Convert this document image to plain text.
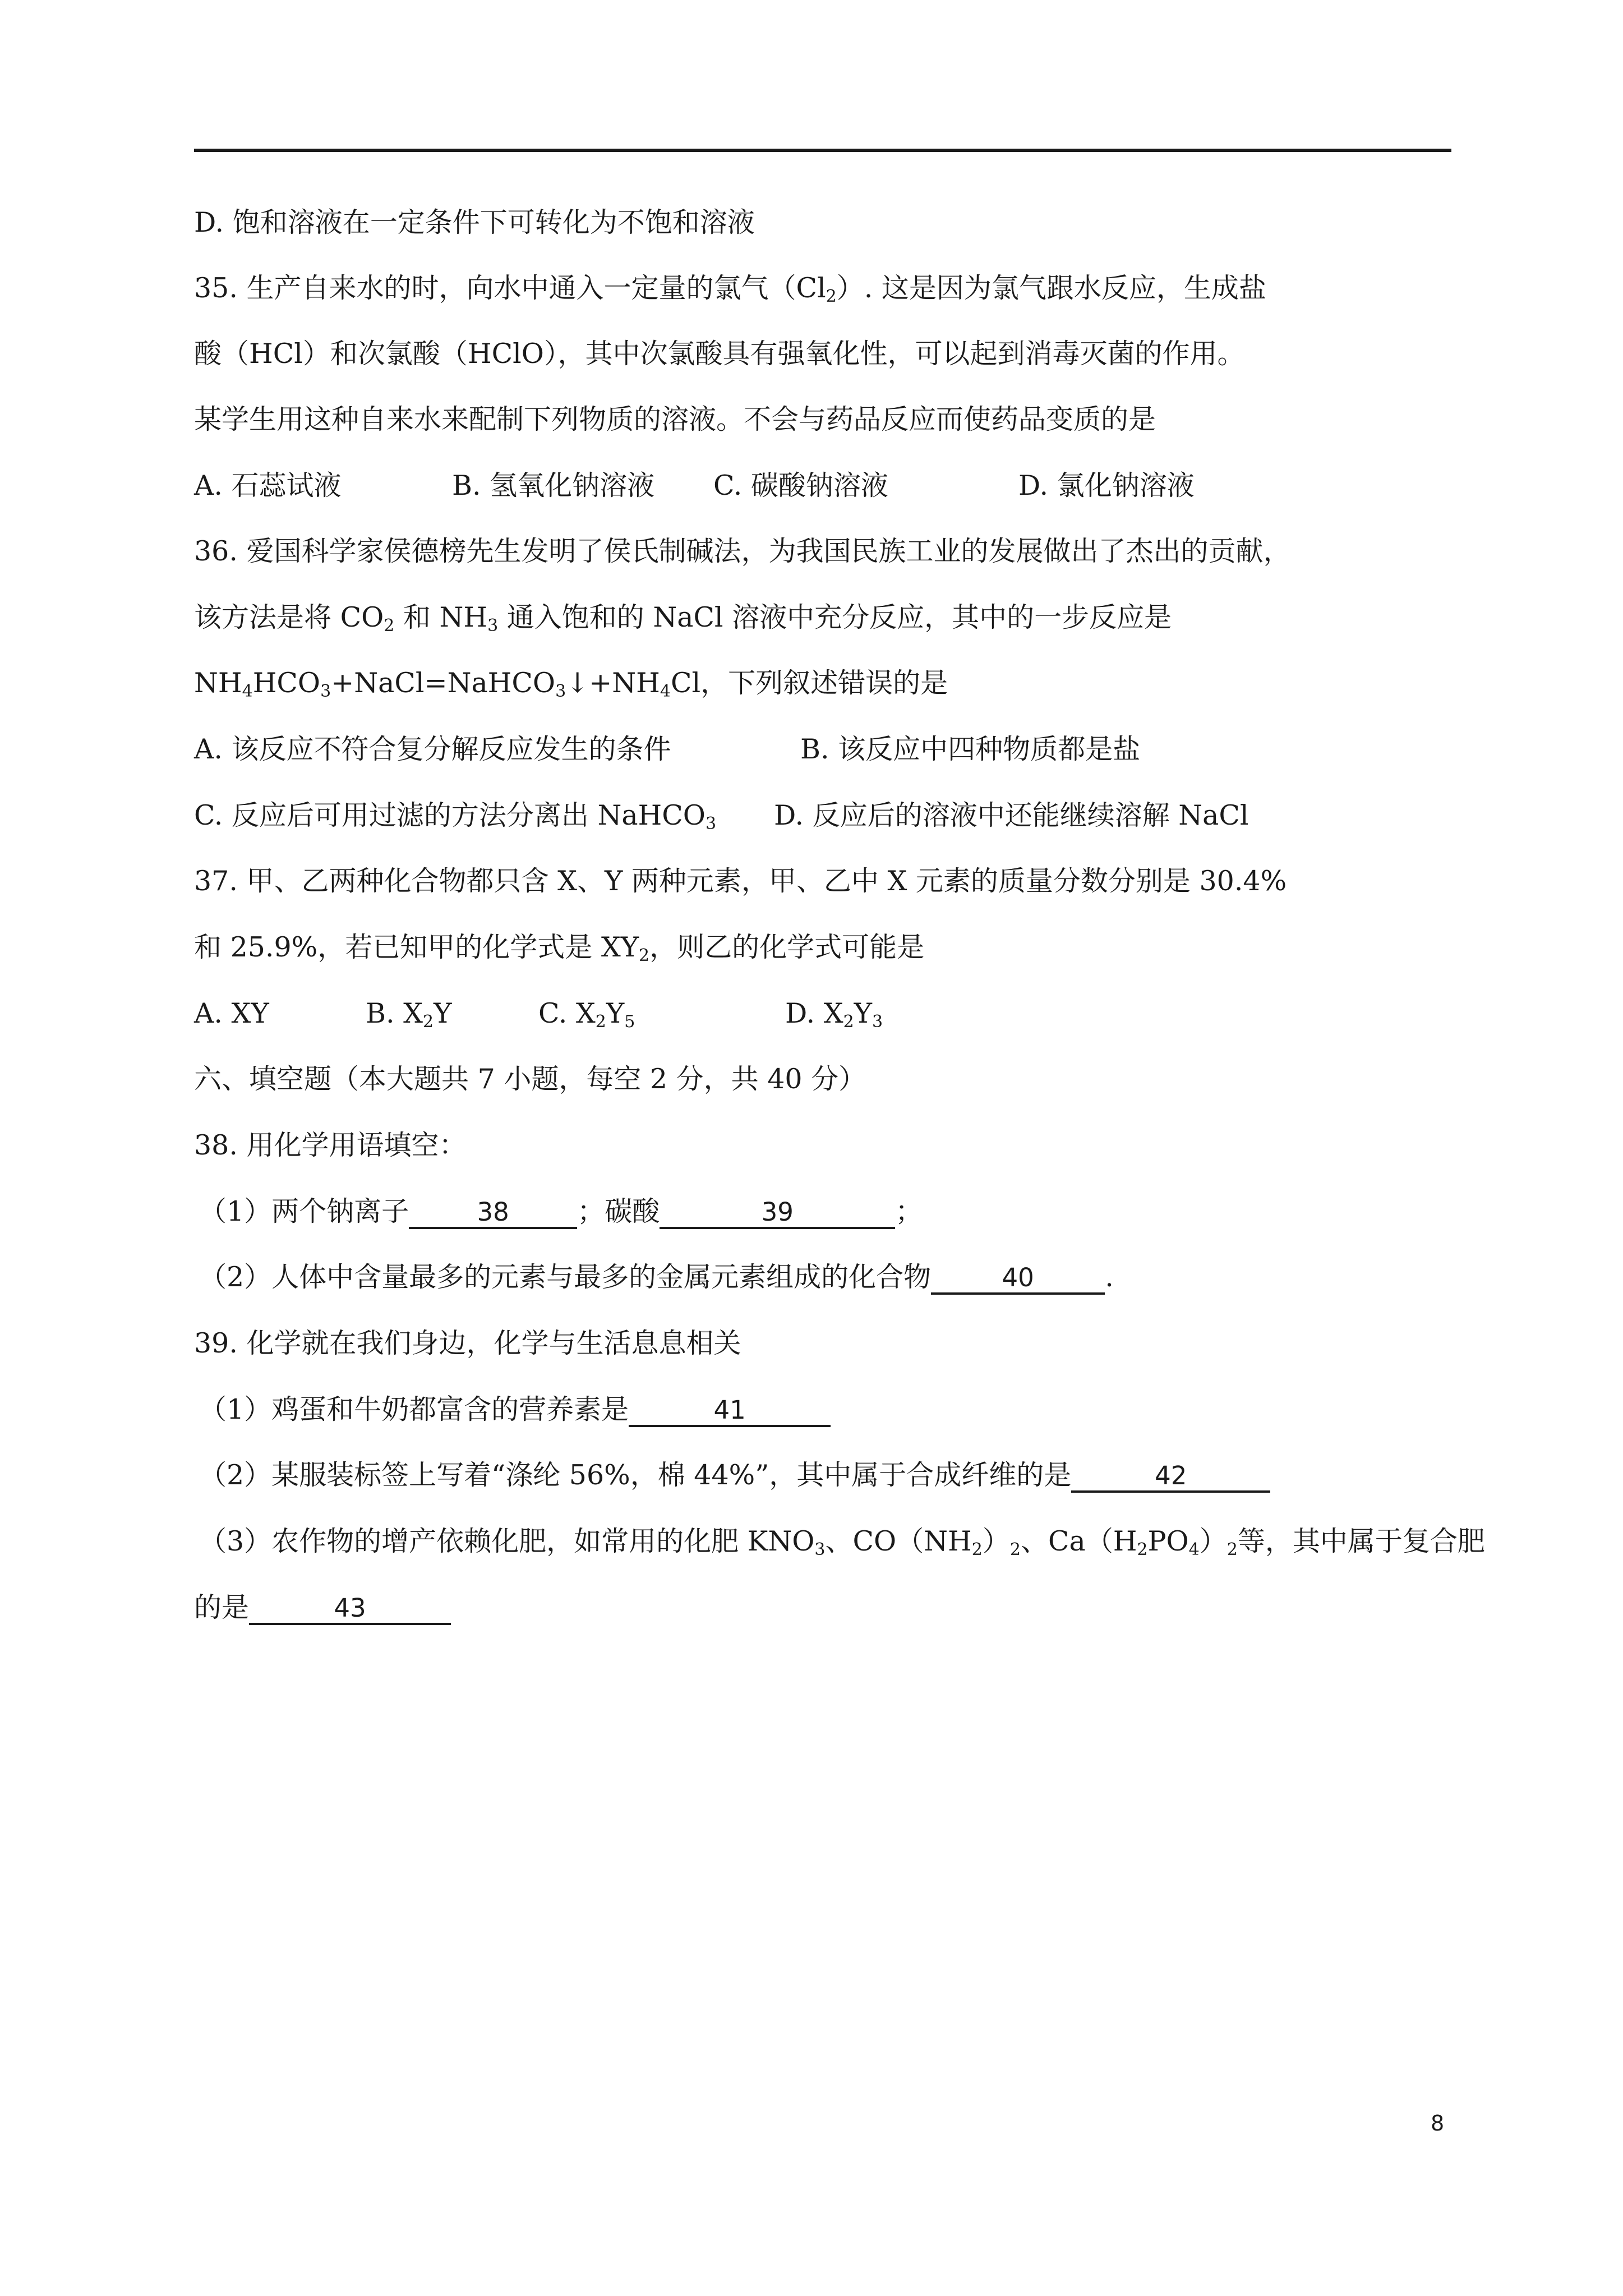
D. 饱和溶液在一定条件下可转化为不饱和溶液
35. 生产自来水的时，向水中通入一定量的氯气$(Cl_2)$. 这是因为氯气跟水反应，生成盐
酸（HCl）和次氯酸（HClO），其中次氯酸具有强氧化性，可以起到消毒灭菌的作用。
某学生用这种自来水来配制下列物质的溶液。不会与药品反应而使药品变质的是
A. 石蕊试液	B. 氢氧化钠溶液 C. 碳酸钠溶液	D. 氯化钠溶液
36. 爱国科学家侯德榜先生发明了侯氏制碱法，为我国民族工业的发展做出了杰出的贡献，
该方法是将 $CO_2$ 和 $NH_3$ 通入饱和的 NaCl 溶液中充分反应，其中的一步反应是
$NH_4HCO_3+NaCl=NaHCO_3↓+NH_4Cl$，下列叙述错误的是
A. 该反应不符合复分解反应发生的条件	B. 该反应中四种物质都是盐
C. 反应后可用过滤的方法分离出 NaHCO$_3$ D. 反应后的溶液中还能继续溶解 NaCl
37. 甲、乙两种化合物都只含 X、Y 两种元素，甲、乙中 X 元素的质量分数分别是 30.4%
和 25.9%，若已知甲的化学式是 $XY_2$，则乙的化学式可能是
A. XY	B. $X_2Y$	C. $X_2Y_5$	D. $X_2Y_3$
六、填空题（本大题共 7 小题，每空 2 分，共 40 分）
38. 用化学用语填空：
（1）两个钠离子	38 ；碳酸	39	；
（2）人体中含量最多的元素与最多的金属元素组成的化合物	40	.
39. 化学就在我们身边，化学与生活息息相关
（1）鸡蛋和牛奶都富含的营养素是	41
（2）某服装标签上写着“涤纶 56%，棉 44%”，其中属于合成纤维的是	42
（3）农作物的增产依赖化肥，如常用的化肥 $KNO_3$、$CO(NH_2)_2$、$Ca(H_2PO_4)_2$等，其中属于复合肥
的是	43
8
